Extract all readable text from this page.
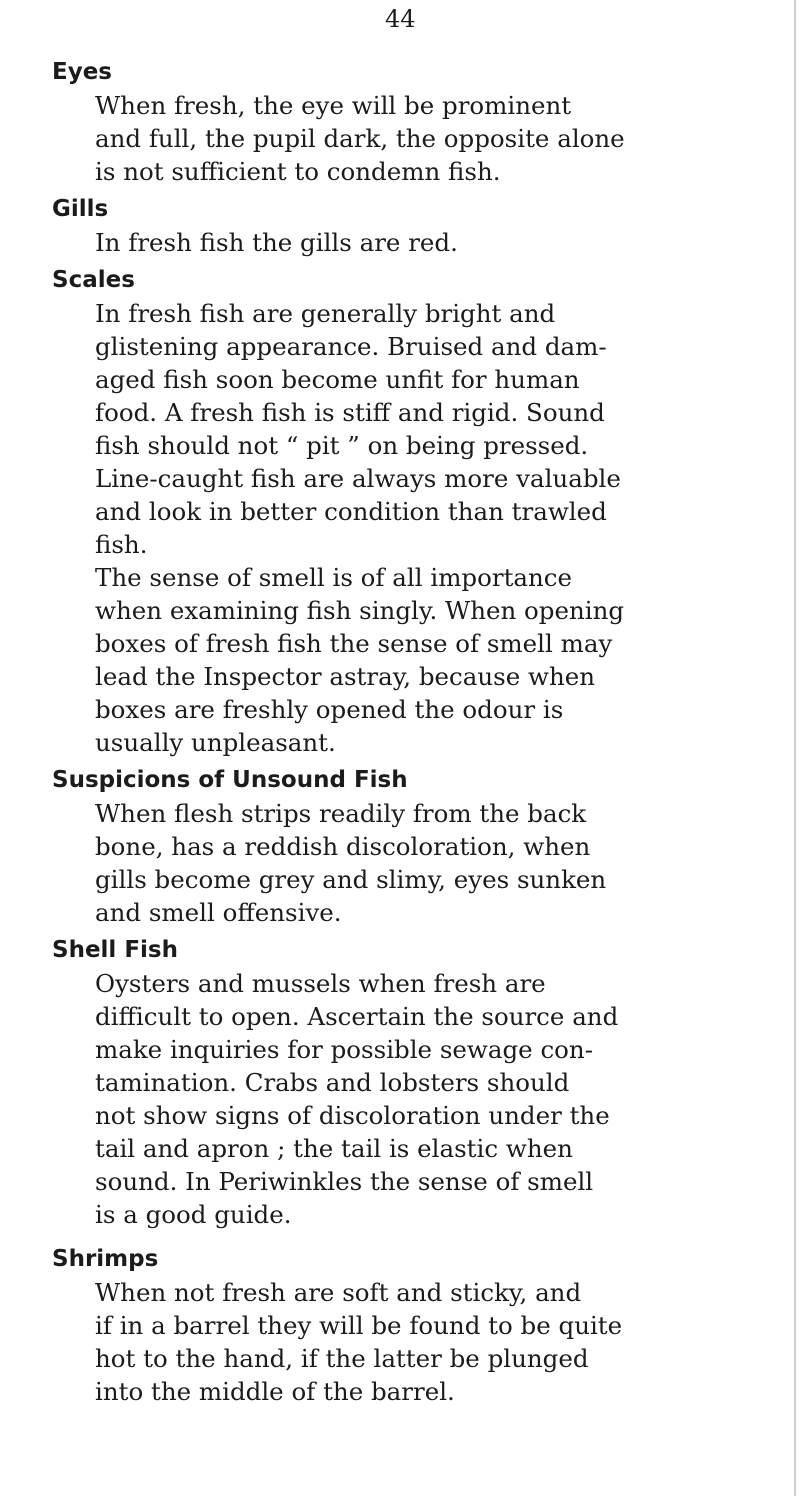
44
Eyes

When fresh, the eye will be prominent
and full, the pupil dark, the opposite alone
is not sufficient to condemn fish.

Gills

In fresh fish the gills are red.

Scales

In fresh fish are generally bright and
glistening appearance. Bruised and dam-
aged fish soon become unfit for human
food. A fresh fish is stiff and rigid. Sound
fish should not “ pit ” on being pressed.
Line-caught fish are always more valuable
and look in better condition than trawled
fish.

The sense of smell is of all importance
when examining fish singly. When opening
boxes of fresh fish the sense of smell may
lead the Inspector astray, because when
boxes are freshly opened the odour is
usually unpleasant.

Suspicions of Unsound Fish

When flesh strips readily from the back
bone, has a reddish discoloration, when
gills become grey and slimy, eyes sunken
and smell offensive.

Shell Fish

Oysters and mussels when fresh are
difficult to open. Ascertain the source and
make inquiries for possible sewage con-
tamination. Crabs and lobsters should
not show signs of discoloration under the
tail and apron ; the tail is elastic when
sound. In Periwinkles the sense of smell
is a good guide.

Shrimps

When not fresh are soft and sticky, and
if in a barrel they will be found to be quite
hot to the hand, if the latter be plunged
into the middle of the barrel.
